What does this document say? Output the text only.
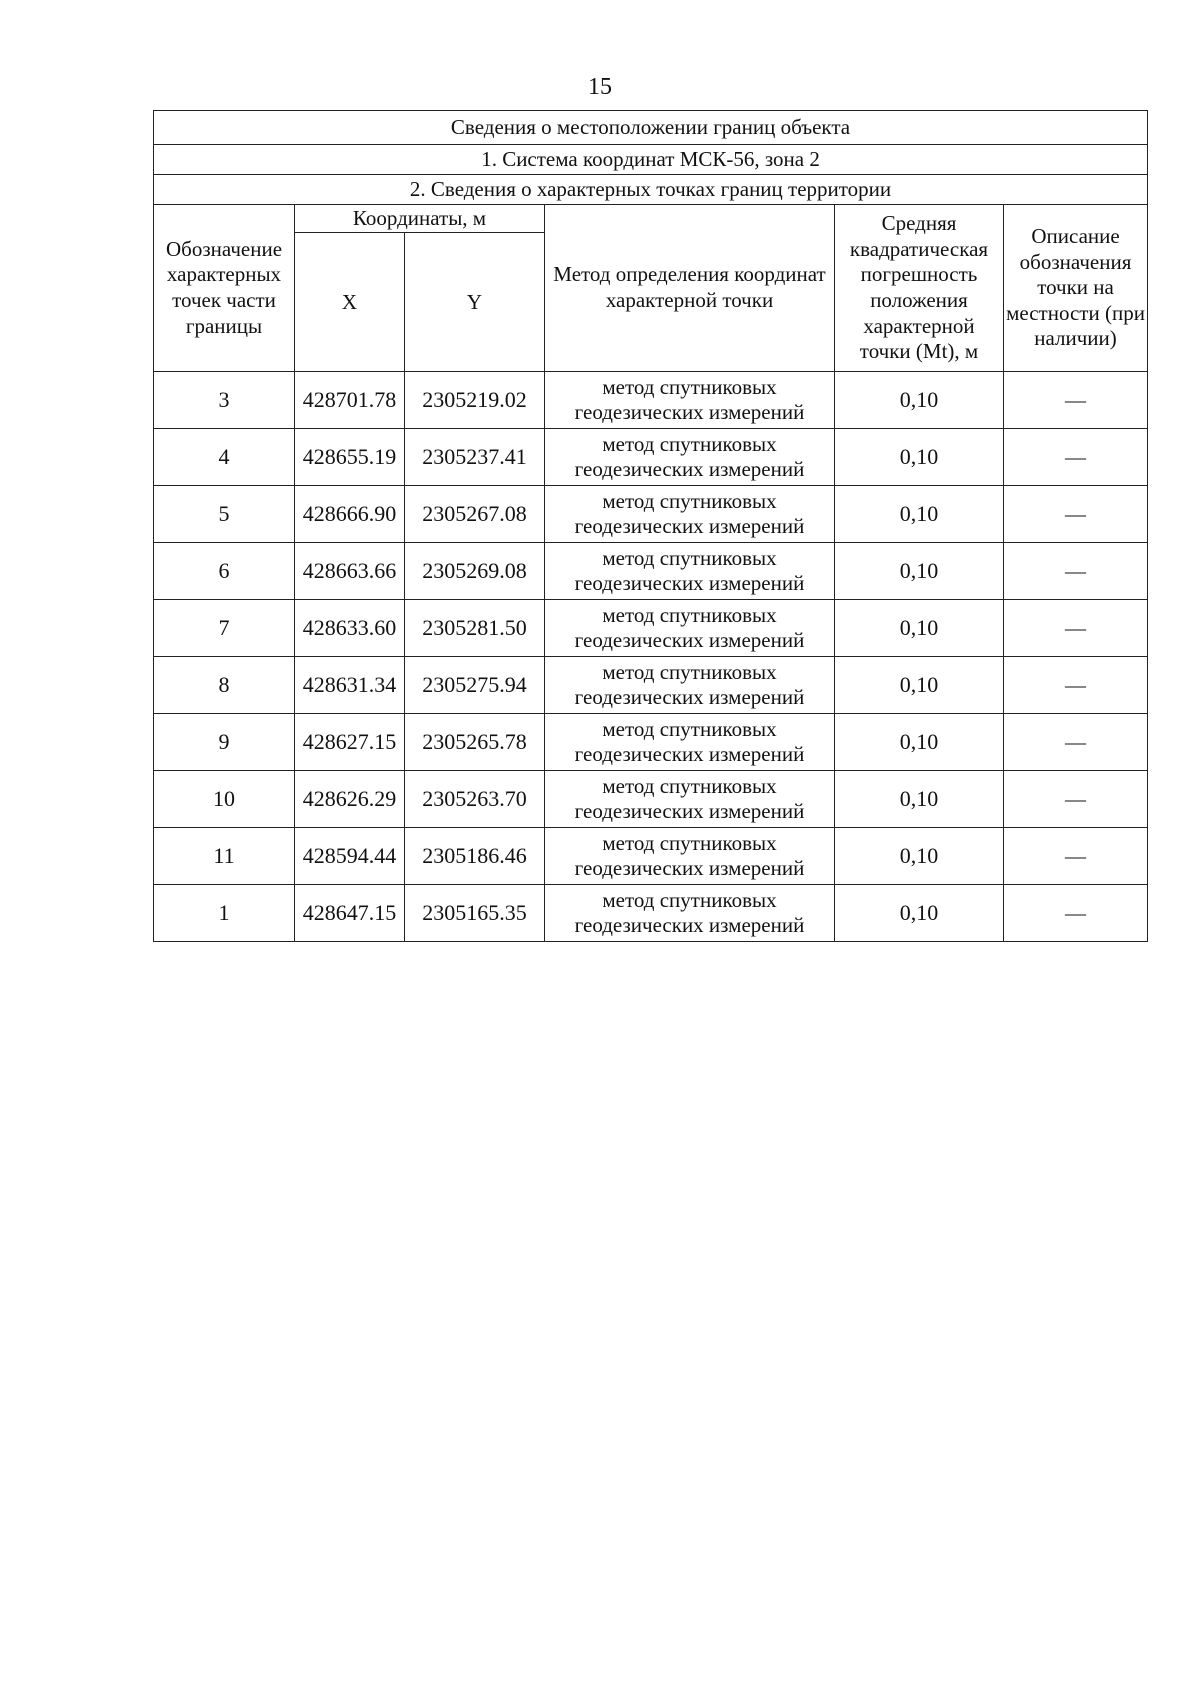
15
Сведения о местоположении границ объекта					
1. Система координат МСК-56, зона 2					
2. Сведения о характерных точках границ территории					
Обозначение характерных точек части границы	Координаты, м		Метод определения координат характерной точки	Средняя квадратическая погрешность положения характерной точки (Mt), м	Описание обозначения точки на местности (при наличии)
	X	Y			
3	428701.78	2305219.02	метод спутниковых геодезических измерений	0,10	—
4	428655.19	2305237.41	метод спутниковых геодезических измерений	0,10	—
5	428666.90	2305267.08	метод спутниковых геодезических измерений	0,10	—
6	428663.66	2305269.08	метод спутниковых геодезических измерений	0,10	—
7	428633.60	2305281.50	метод спутниковых геодезических измерений	0,10	—
8	428631.34	2305275.94	метод спутниковых геодезических измерений	0,10	—
9	428627.15	2305265.78	метод спутниковых геодезических измерений	0,10	—
10	428626.29	2305263.70	метод спутниковых геодезических измерений	0,10	—
11	428594.44	2305186.46	метод спутниковых геодезических измерений	0,10	—
1	428647.15	2305165.35	метод спутниковых геодезических измерений	0,10	—
